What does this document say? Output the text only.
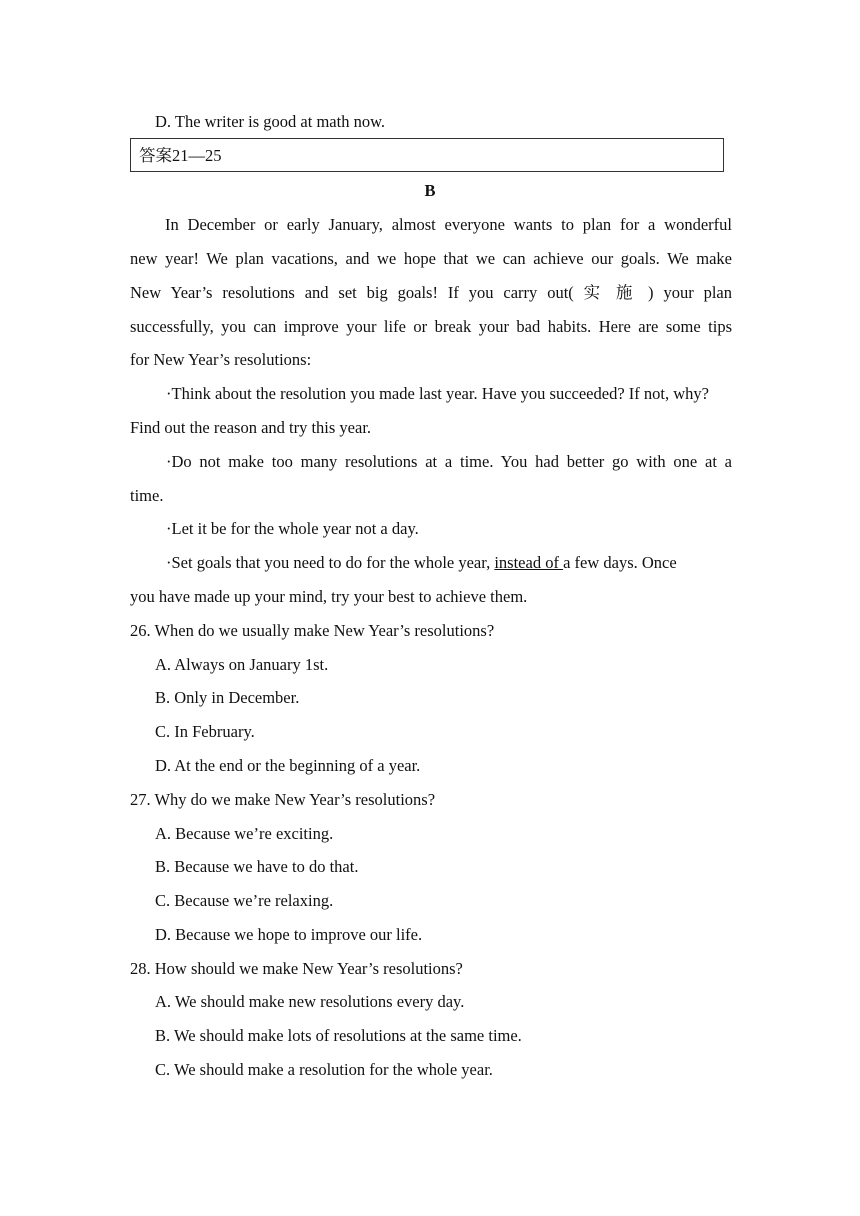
D. The writer is good at math now.
答案21—25
B
In December or early January, almost everyone wants to plan for a wonderful
new year! We plan vacations, and we hope that we can achieve our goals. We make
New Year’s resolutions and set big goals! If you carry out( 实 施 ) your plan
successfully, you can improve your life or break your bad habits. Here are some tips
for New Year’s resolutions:
·Think about the resolution you made last year. Have you succeeded? If not, why?
Find out the reason and try this year.
·Do not make too many resolutions at a time. You had better go with one at a
time.
·Let it be for the whole year not a day.
·Set goals that you need to do for the whole year, instead of a few days. Once
you have made up your mind, try your best to achieve them.
26. When do we usually make New Year’s resolutions?
A. Always on January 1st.
B. Only in December.
C. In February.
D. At the end or the beginning of a year.
27. Why do we make New Year’s resolutions?
A. Because we’re exciting.
B. Because we have to do that.
C. Because we’re relaxing.
D. Because we hope to improve our life.
28. How should we make New Year’s resolutions?
A. We should make new resolutions every day.
B. We should make lots of resolutions at the same time.
C. We should make a resolution for the whole year.
